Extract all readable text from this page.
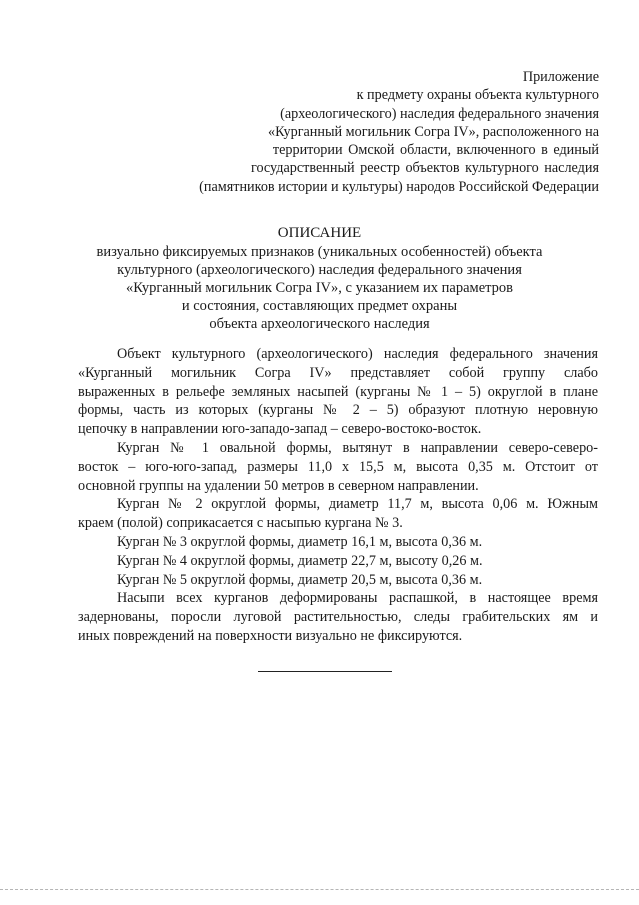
Приложение
к предмету охраны объекта культурного
(археологического) наследия федерального значения
«Курганный могильник Согра IV», расположенного на
территории Омской области, включенного в единый
государственный реестр объектов культурного наследия
(памятников истории и культуры) народов Российской Федерации
ОПИСАНИЕ
визуально фиксируемых признаков (уникальных особенностей) объекта
культурного (археологического) наследия федерального значения
«Курганный могильник Согра IV», с указанием их параметров
и состояния, составляющих предмет охраны
объекта археологического наследия
Объект культурного (археологического) наследия федерального значения
«Курганный могильник Согра IV» представляет собой группу слабо
выраженных в рельефе земляных насыпей (курганы № 1 – 5) округлой в плане
формы, часть из которых (курганы № 2 – 5) образуют плотную неровную
цепочку в направлении юго-западо-запад – северо-востоко-восток.
Курган № 1 овальной формы, вытянут в направлении северо-северо-
восток – юго-юго-запад, размеры 11,0 х 15,5 м, высота 0,35 м. Отстоит от
основной группы на удалении 50 метров в северном направлении.
Курган № 2 округлой формы, диаметр 11,7 м, высота 0,06 м. Южным
краем (полой) соприкасается с насыпью кургана № 3.
Курган № 3 округлой формы, диаметр 16,1 м, высота 0,36 м.
Курган № 4 округлой формы, диаметр 22,7 м, высоту 0,26 м.
Курган № 5 округлой формы, диаметр 20,5 м, высота 0,36 м.
Насыпи всех курганов деформированы распашкой, в настоящее время
задернованы, поросли луговой растительностью, следы грабительских ям и
иных повреждений на поверхности визуально не фиксируются.
